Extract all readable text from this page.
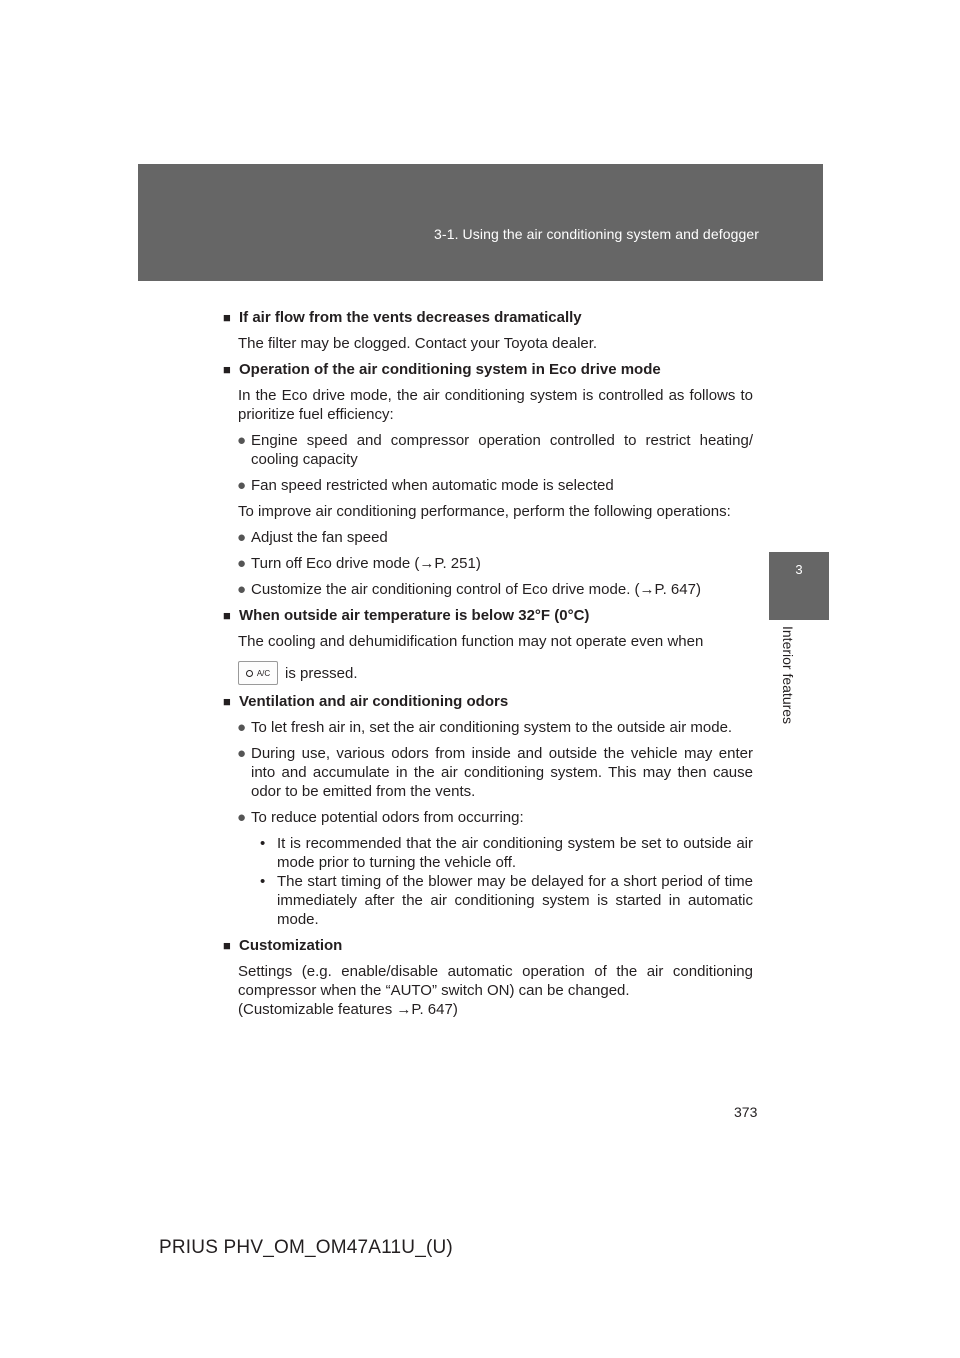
3-1. Using the air conditioning system and defogger
3
Interior features
■ If air flow from the vents decreases dramatically
The filter may be clogged. Contact your Toyota dealer.
■ Operation of the air conditioning system in Eco drive mode
In the Eco drive mode, the air conditioning system is controlled as follows to prioritize fuel efficiency:
● Engine speed and compressor operation controlled to restrict heating/ cooling capacity
● Fan speed restricted when automatic mode is selected
To improve air conditioning performance, perform the following operations:
● Adjust the fan speed
● Turn off Eco drive mode (→P. 251)
● Customize the air conditioning control of Eco drive mode. (→P. 647)
■ When outside air temperature is below 32°F (0°C)
The cooling and dehumidification function may not operate even when
A/C is pressed.
■ Ventilation and air conditioning odors
● To let fresh air in, set the air conditioning system to the outside air mode.
● During use, various odors from inside and outside the vehicle may enter into and accumulate in the air conditioning system. This may then cause odor to be emitted from the vents.
● To reduce potential odors from occurring:
• It is recommended that the air conditioning system be set to outside air mode prior to turning the vehicle off.
• The start timing of the blower may be delayed for a short period of time immediately after the air conditioning system is started in automatic mode.
■ Customization
Settings (e.g. enable/disable automatic operation of the air conditioning compressor when the “AUTO” switch ON) can be changed.
(Customizable features →P. 647)
373
PRIUS PHV_OM_OM47A11U_(U)
